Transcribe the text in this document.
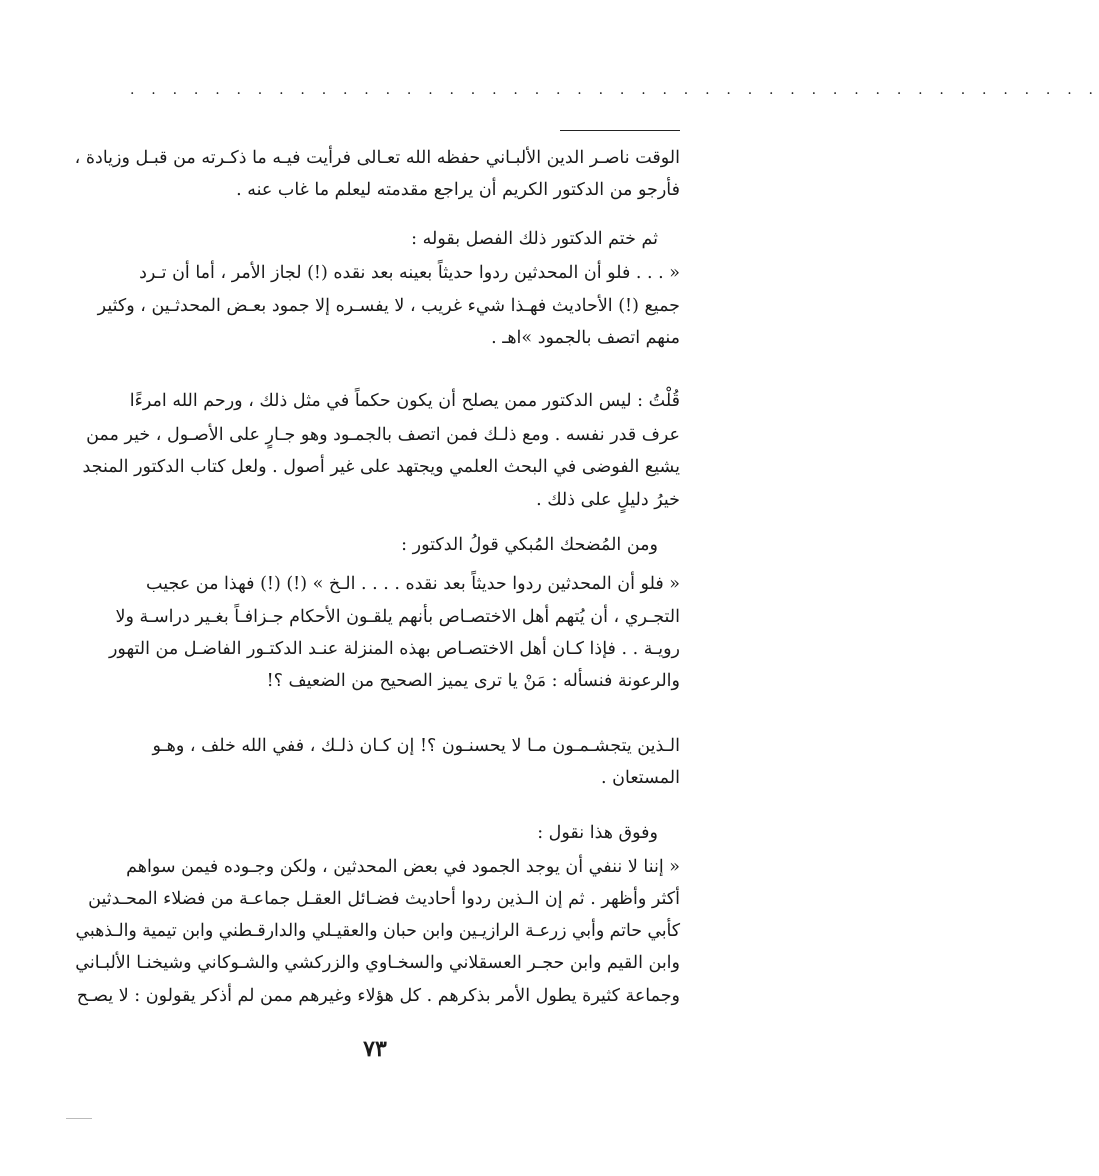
. . . . . . . . . . . . . . . . . . . . . . . . . . . . . . . . . . . . . . . . . . . . . .
الوقت ناصـر الدين الألبـاني حفظه الله تعـالى فرأيت فيـه ما ذكـرته من قبـل وزيادة ،
فأرجو من الدكتور الكريم أن يراجع مقدمته ليعلم ما غاب عنه .
ثم ختم الدكتور ذلك الفصل بقوله :
« . . . فلو أن المحدثين ردوا حديثاً بعينه بعد نقده (!) لجاز الأمر ، أما أن تـرد
جميع (!) الأحاديث فهـذا شيء غريب ، لا يفسـره إلا جمود بعـض المحدثـين ، وكثير
منهم اتصف بالجمود »اهـ .
قُلْتُ : ليس الدكتور ممن يصلح أن يكون حكماً في مثل ذلك ، ورحم الله امرءًا
عرف قدر نفسه . ومع ذلـك فمن اتصف بالجمـود وهو جـارٍ على الأصـول ، خير ممن
يشيع الفوضى في البحث العلمي ويجتهد على غير أصول . ولعل كتاب الدكتور المنجد
خيرُ دليلٍ على ذلك .
ومن المُضحك المُبكي قولُ الدكتور :
« فلو أن المحدثين ردوا حديثاً بعد نقده . . . . الـخ » (!) (!) فهذا من عجيب
التجـري ، أن يُتهم أهل الاختصـاص بأنهم يلقـون الأحكام جـزافـاً بغـير دراسـة ولا
رويـة . . فإذا كـان أهل الاختصـاص بهذه المنزلة عنـد الدكتـور الفاضـل من التهور
والرعونة فنسأله : مَنْ يا ترى يميز الصحيح من الضعيف ؟!
الـذين يتجشـمـون مـا لا يحسنـون ؟! إن كـان ذلـك ، ففي الله خلف ، وهـو
المستعان .
وفوق هذا نقول :
« إننا لا ننفي أن يوجد الجمود في بعض المحدثين ، ولكن وجـوده فيمن سواهم
أكثر وأظهر . ثم إن الـذين ردوا أحاديث فضـائل العقـل جماعـة من فضلاء المحـدثين
كأبي حاتم وأبي زرعـة الرازيـين وابن حبان والعقيـلي والدارقـطني وابن تيمية والـذهبي
وابن القيم وابن حجـر العسقلاني والسخـاوي والزركشي والشـوكاني وشيخنـا الألبـاني
وجماعة كثيرة يطول الأمر بذكرهم . كل هؤلاء وغيرهم ممن لم أذكر يقولون : لا يصـح
٧٣
